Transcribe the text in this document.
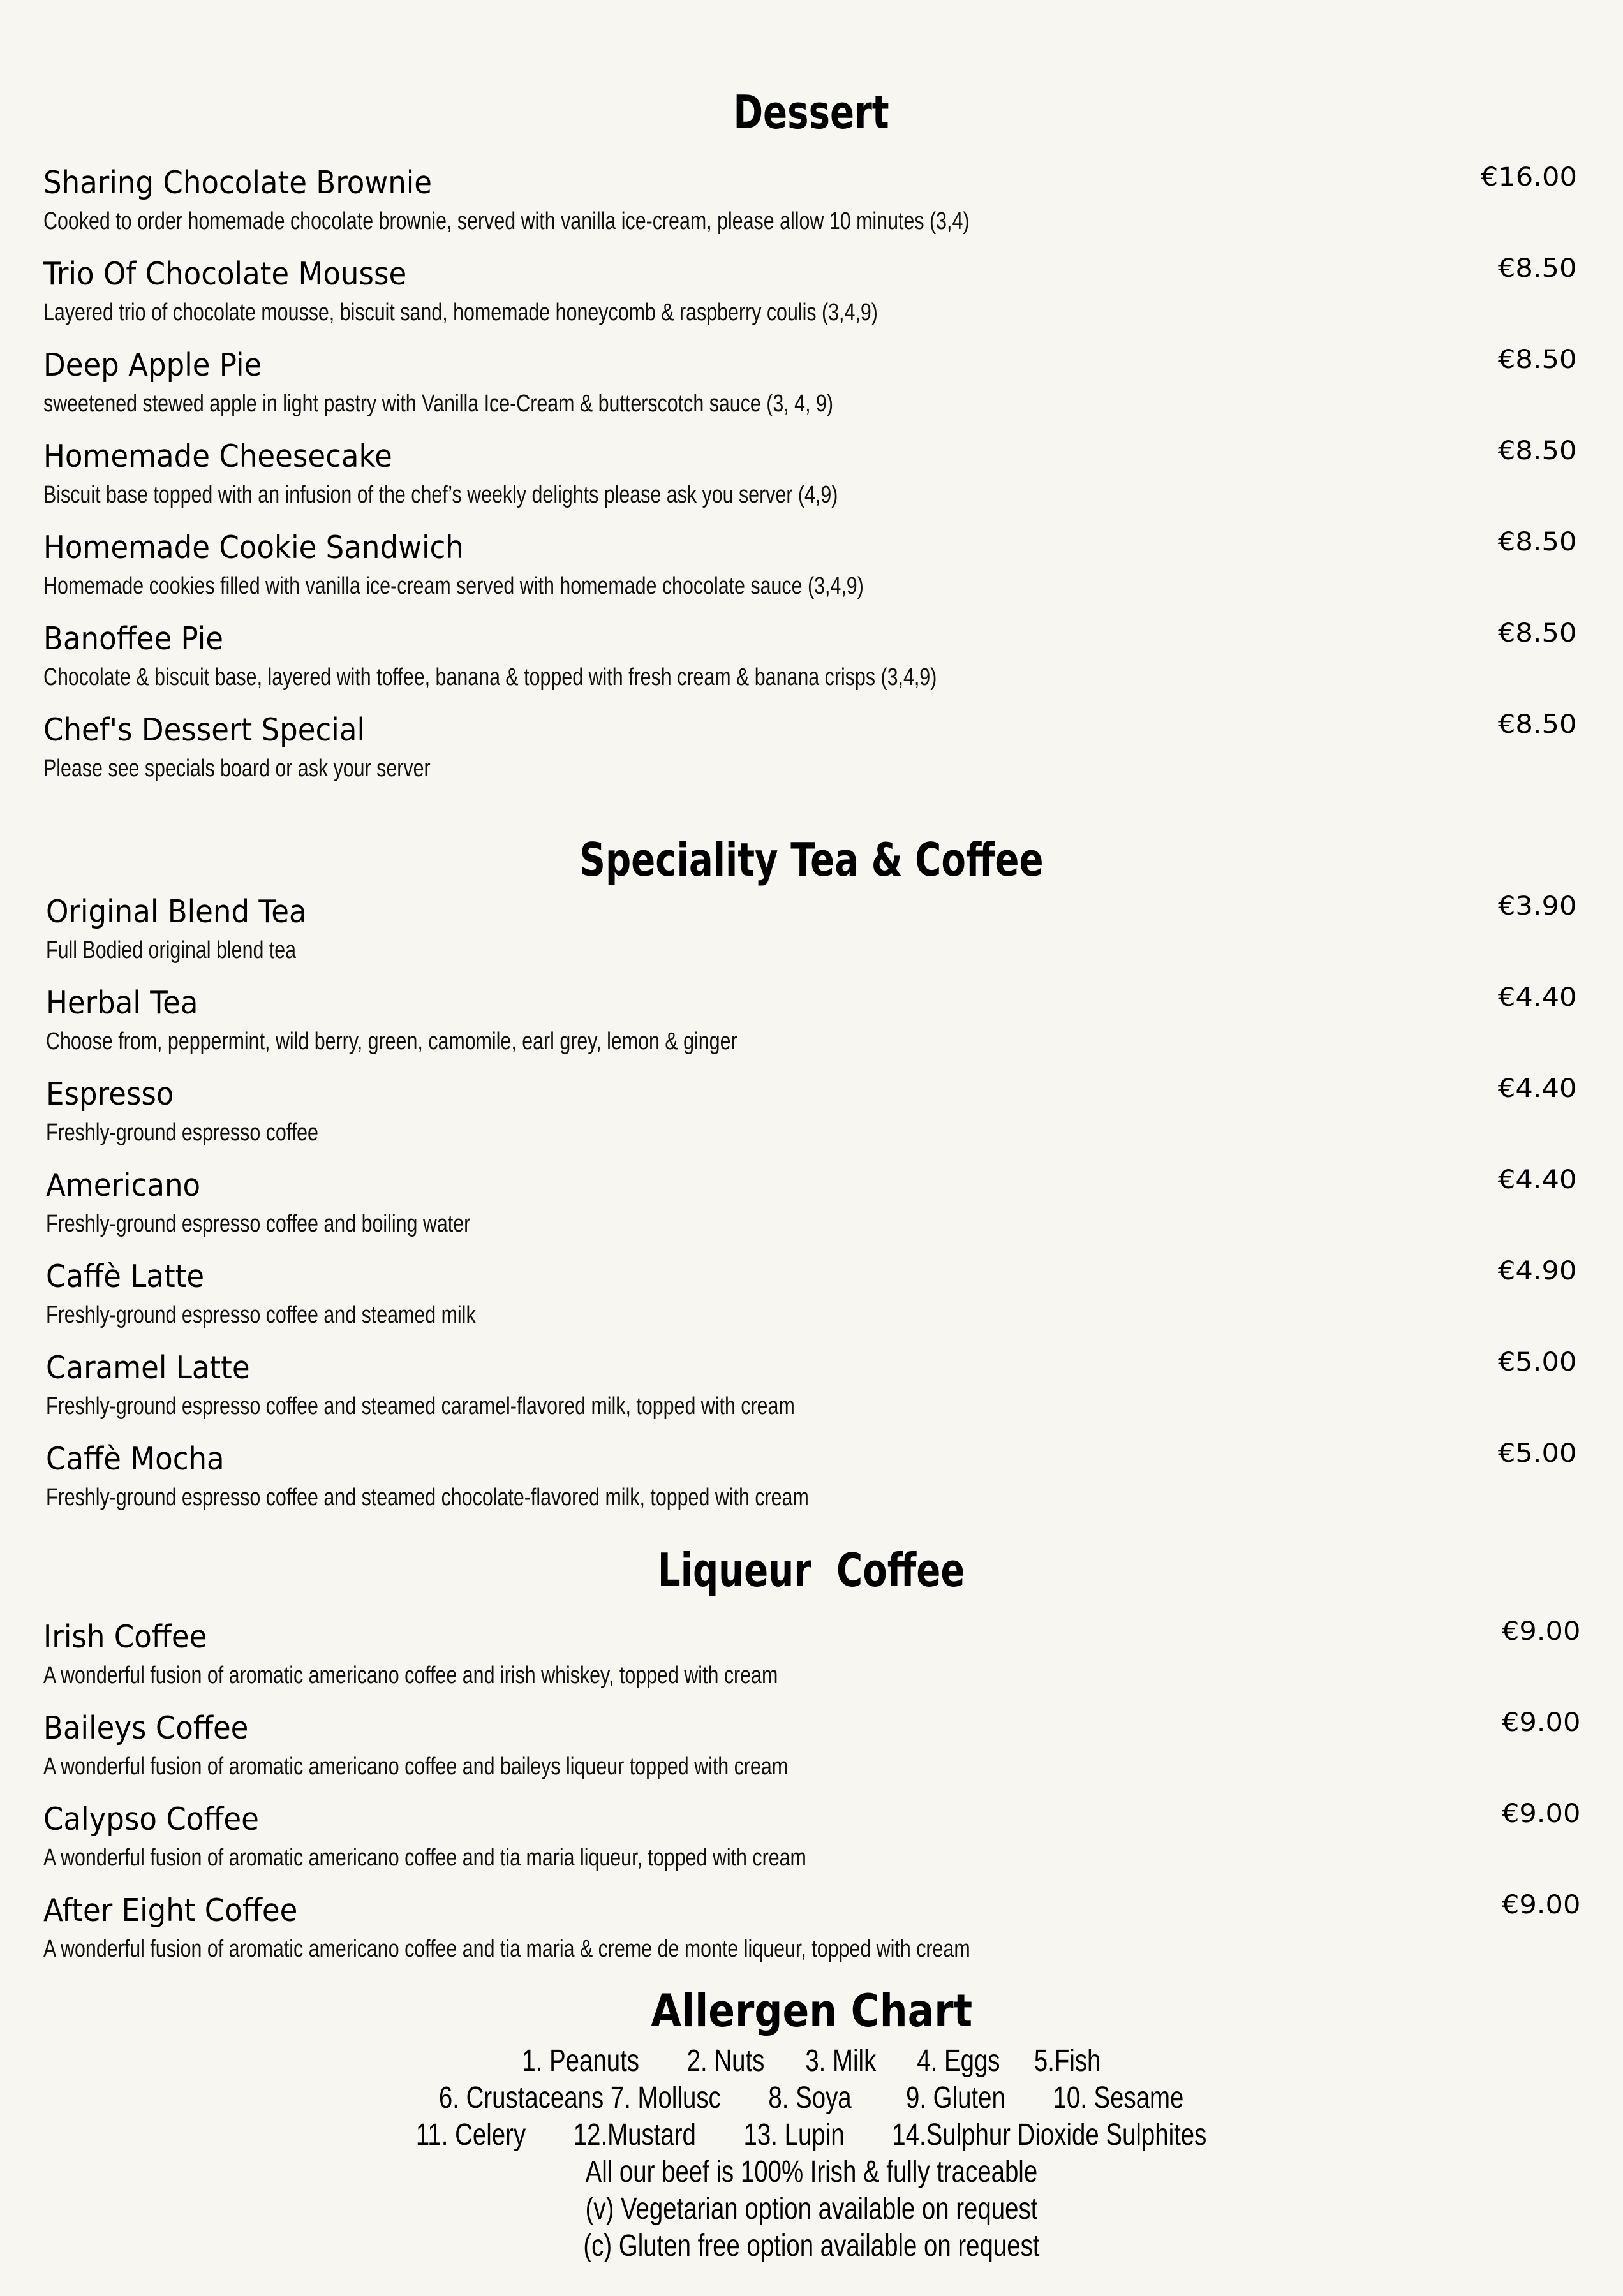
Dessert
Sharing Chocolate Brownie
Cooked to order homemade chocolate brownie, served with vanilla ice-cream, please allow 10 minutes (3,4)
€16.00
Trio Of Chocolate Mousse
Layered trio of chocolate mousse, biscuit sand, homemade honeycomb & raspberry coulis (3,4,9)
€8.50
Deep Apple Pie
sweetened stewed apple in light pastry with Vanilla Ice-Cream & butterscotch sauce (3, 4, 9)
€8.50
Homemade Cheesecake
Biscuit base topped with an infusion of the chef’s weekly delights please ask you server (4,9)
€8.50
Homemade Cookie Sandwich
Homemade cookies filled with vanilla ice-cream served with homemade chocolate sauce (3,4,9)
€8.50
Banoffee Pie
Chocolate & biscuit base, layered with toffee, banana & topped with fresh cream & banana crisps (3,4,9)
€8.50
Chef's Dessert Special
Please see specials board or ask your server
€8.50
Speciality Tea & Coffee
Original Blend Tea
Full Bodied original blend tea
€3.90
Herbal Tea
Choose from, peppermint, wild berry, green, camomile, earl grey, lemon & ginger
€4.40
Espresso
Freshly-ground espresso coffee
€4.40
Americano
Freshly-ground espresso coffee and boiling water
€4.40
Caffè Latte
Freshly-ground espresso coffee and steamed milk
€4.90
Caramel Latte
Freshly-ground espresso coffee and steamed caramel-flavored milk, topped with cream
€5.00
Caffè Mocha
Freshly-ground espresso coffee and steamed chocolate-flavored milk, topped with cream
€5.00
Liqueur  Coffee
Irish Coffee
A wonderful fusion of aromatic americano coffee and irish whiskey, topped with cream
€9.00
Baileys Coffee
A wonderful fusion of aromatic americano coffee and baileys liqueur topped with cream
€9.00
Calypso Coffee
A wonderful fusion of aromatic americano coffee and tia maria liqueur, topped with cream
€9.00
After Eight Coffee
A wonderful fusion of aromatic americano coffee and tia maria & creme de monte liqueur, topped with cream
€9.00
Allergen Chart
1. Peanuts       2. Nuts      3. Milk      4. Eggs     5.Fish
6. Crustaceans 7. Mollusc       8. Soya        9. Gluten       10. Sesame
11. Celery       12.Mustard       13. Lupin       14.Sulphur Dioxide Sulphites
All our beef is 100% Irish & fully traceable
(v) Vegetarian option available on request
(c) Gluten free option available on request
